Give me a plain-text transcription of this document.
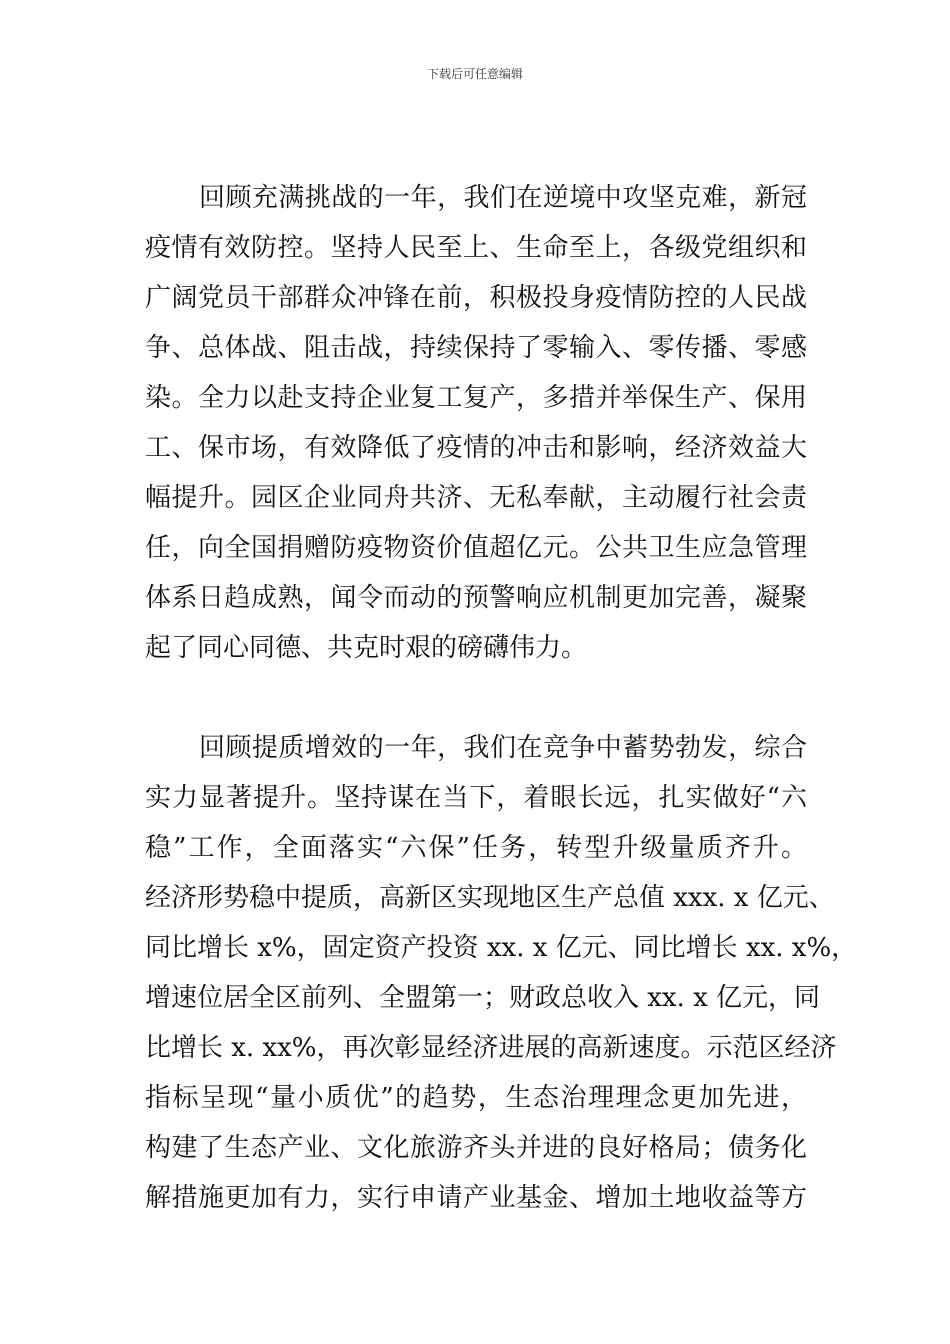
下载后可任意编辑
回顾充满挑战的一年，我们在逆境中攻坚克难，新冠
疫情有效防控。坚持人民至上、生命至上，各级党组织和
广阔党员干部群众冲锋在前，积极投身疫情防控的人民战
争、总体战、阻击战，持续保持了零输入、零传播、零感
染。全力以赴支持企业复工复产，多措并举保生产、保用
工、保市场，有效降低了疫情的冲击和影响，经济效益大
幅提升。园区企业同舟共济、无私奉献，主动履行社会责
任，向全国捐赠防疫物资价值超亿元。公共卫生应急管理
体系日趋成熟，闻令而动的预警响应机制更加完善，凝聚
起了同心同德、共克时艰的磅礴伟力。
回顾提质增效的一年，我们在竞争中蓄势勃发，综合
实力显著提升。坚持谋在当下，着眼长远，扎实做好“六
稳”工作，全面落实“六保”任务，转型升级量质齐升。
经济形势稳中提质，高新区实现地区生产总值 xxx. x 亿元、
同比增长 x%，固定资产投资 xx. x 亿元、同比增长 xx. x%，
增速位居全区前列、全盟第一；财政总收入 xx. x 亿元，同
比增长 x. xx%，再次彰显经济进展的高新速度。示范区经济
指标呈现“量小质优”的趋势，生态治理理念更加先进，
构建了生态产业、文化旅游齐头并进的良好格局；债务化
解措施更加有力，实行申请产业基金、增加土地收益等方
